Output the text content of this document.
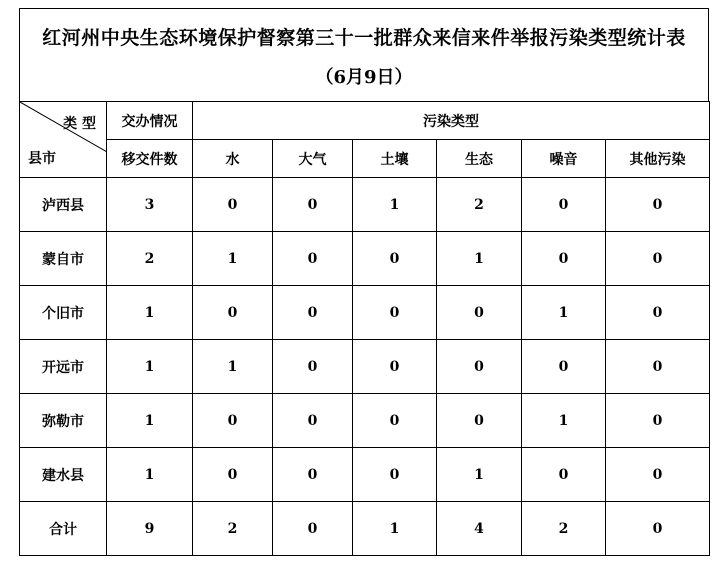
红河州中央生态环境保护督察第三十一批群众来信来件举报污染类型统计表
（6月9日）
类 型
县市	交办情况	污染类型					
	移交件数	水	大气	土壤	生态	噪音	其他污染
泸西县	3	0	0	1	2	0	0
蒙自市	2	1	0	0	1	0	0
个旧市	1	0	0	0	0	1	0
开远市	1	1	0	0	0	0	0
弥勒市	1	0	0	0	0	1	0
建水县	1	0	0	0	1	0	0
合计	9	2	0	1	4	2	0
